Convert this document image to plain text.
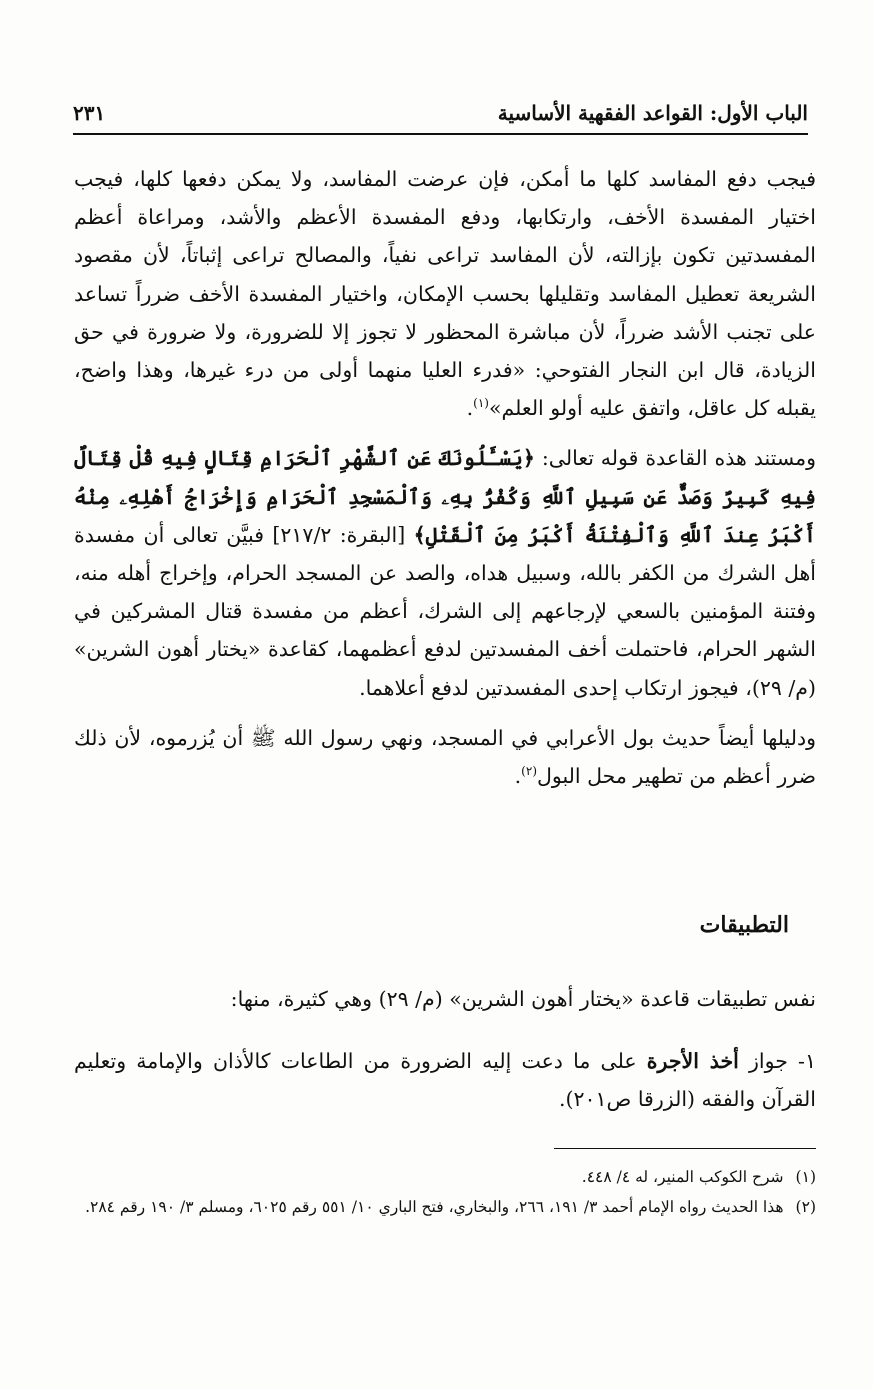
٢٣١	الباب الأول: القواعد الفقهية الأساسية

فيجب دفع المفاسد كلها ما أمكن، فإن عرضت المفاسد، ولا يمكن دفعها كلها، فيجب اختيار المفسدة الأخف، وارتكابها، ودفع المفسدة الأعظم والأشد، ومراعاة أعظم المفسدتين تكون بإزالته، لأن المفاسد تراعى نفياً، والمصالح تراعى إثباتاً، لأن مقصود الشريعة تعطيل المفاسد وتقليلها بحسب الإمكان، واختيار المفسدة الأخف ضرراً تساعد على تجنب الأشد ضرراً، لأن مباشرة المحظور لا تجوز إلا للضرورة، ولا ضرورة في حق الزيادة، قال ابن النجار الفتوحي: «فدرء العليا منهما أولى من درء غيرها، وهذا واضح، يقبله كل عاقل، واتفق عليه أولو العلم»$^{(١)}$.

ومستند هذه القاعدة قوله تعالى: ﴿يَسْـَٔلُونَكَ عَنِ ٱلشَّهْرِ ٱلْحَرَامِ قِتَالٍ فِيهِ قُلْ قِتَالٌ فِيهِ كَبِيرٌ وَصَدٌّ عَن سَبِيلِ ٱللَّهِ وَكُفْرٌۢ بِهِۦ وَٱلْمَسْجِدِ ٱلْحَرَامِ وَإِخْرَاجُ أَهْلِهِۦ مِنْهُ أَكْبَرُ عِندَ ٱللَّهِ وَٱلْفِتْنَةُ أَكْبَرُ مِنَ ٱلْقَتْلِ﴾ [البقرة: ٢١٧/٢] فبيَّن تعالى أن مفسدة أهل الشرك من الكفر بالله، وسبيل هداه، والصد عن المسجد الحرام، وإخراج أهله منه، وفتنة المؤمنين بالسعي لإرجاعهم إلى الشرك، أعظم من مفسدة قتال المشركين في الشهر الحرام، فاحتملت أخف المفسدتين لدفع أعظمهما، كقاعدة «يختار أهون الشرين» (م/ ٢٩)، فيجوز ارتكاب إحدى المفسدتين لدفع أعلاهما.

ودليلها أيضاً حديث بول الأعرابي في المسجد، ونهي رسول الله ﷺ أن يُزرموه، لأن ذلك ضرر أعظم من تطهير محل البول$^{(٢)}$.

التطبيقات
نفس تطبيقات قاعدة «يختار أهون الشرين» (م/ ٢٩) وهي كثيرة، منها:
١- جواز أخذ الأجرة على ما دعت إليه الضرورة من الطاعات كالأذان والإمامة وتعليم القرآن والفقه (الزرقا ص٢٠١).
(١)
شرح الكوكب المنير، له ٤/ ٤٤٨.
(٢)
هذا الحديث رواه الإمام أحمد ٣/ ١٩١، ٢٦٦، والبخاري، فتح الباري ١٠/ ٥٥١ رقم ٦٠٢٥، ومسلم ٣/ ١٩٠ رقم ٢٨٤.
